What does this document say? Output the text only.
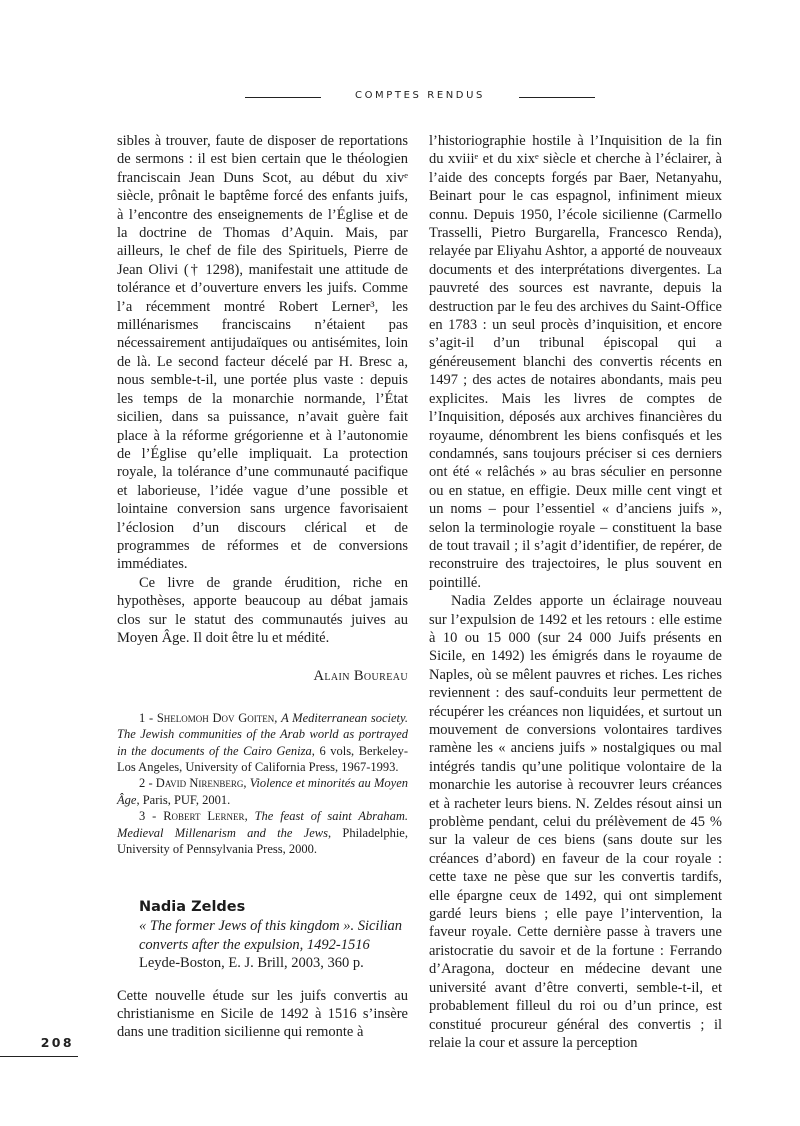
COMPTES RENDUS

sibles à trouver, faute de disposer de reportations de sermons : il est bien certain que le théologien franciscain Jean Duns Scot, au début du xivᵉ siècle, prônait le baptême forcé des enfants juifs, à l’encontre des enseignements de l’Église et de la doctrine de Thomas d’Aquin. Mais, par ailleurs, le chef de file des Spirituels, Pierre de Jean Olivi († 1298), manifestait une attitude de tolérance et d’ouverture envers les juifs. Comme l’a récemment montré Robert Lerner³, les millénarismes franciscains n’étaient pas nécessairement antijudaïques ou antisémites, loin de là. Le second facteur décelé par H. Bresc a, nous semble-t-il, une portée plus vaste : depuis les temps de la monarchie normande, l’État sicilien, dans sa puissance, n’avait guère fait place à la réforme grégorienne et à l’autonomie de l’Église qu’elle impliquait. La protection royale, la tolérance d’une communauté pacifique et laborieuse, l’idée vague d’une possible et lointaine conversion sans urgence favorisaient l’éclosion d’un discours clérical et de programmes de réformes et de conversions immédiates.

Ce livre de grande érudition, riche en hypothèses, apporte beaucoup au débat jamais clos sur le statut des communautés juives au Moyen Âge. Il doit être lu et médité.

Alain Boureau

1 - Shelomoh Dov Goiten, A Mediterranean society. The Jewish communities of the Arab world as portrayed in the documents of the Cairo Geniza, 6 vols, Berkeley-Los Angeles, University of California Press, 1967-1993.

2 - David Nirenberg, Violence et minorités au Moyen Âge, Paris, PUF, 2001.

3 - Robert Lerner, The feast of saint Abraham. Medieval Millenarism and the Jews, Philadelphie, University of Pennsylvania Press, 2000.

Nadia Zeldes
« The former Jews of this kingdom ». Sicilian converts after the expulsion, 1492-1516
Leyde-Boston, E. J. Brill, 2003, 360 p.

Cette nouvelle étude sur les juifs convertis au christianisme en Sicile de 1492 à 1516 s’insère dans une tradition sicilienne qui remonte à

l’historiographie hostile à l’Inquisition de la fin du xviiiᵉ et du xixᵉ siècle et cherche à l’éclairer, à l’aide des concepts forgés par Baer, Netanyahu, Beinart pour le cas espagnol, infiniment mieux connu. Depuis 1950, l’école sicilienne (Carmello Trasselli, Pietro Burgarella, Francesco Renda), relayée par Eliyahu Ashtor, a apporté de nouveaux documents et des interprétations divergentes. La pauvreté des sources est navrante, depuis la destruction par le feu des archives du Saint-Office en 1783 : un seul procès d’inquisition, et encore s’agit-il d’un tribunal épiscopal qui a généreusement blanchi des convertis récents en 1497 ; des actes de notaires abondants, mais peu explicites. Mais les livres de comptes de l’Inquisition, déposés aux archives financières du royaume, dénombrent les biens confisqués et les condamnés, sans toujours préciser si ces derniers ont été « relâchés » au bras séculier en personne ou en statue, en effigie. Deux mille cent vingt et un noms – pour l’essentiel « d’anciens juifs », selon la terminologie royale – constituent la base de tout travail ; il s’agit d’identifier, de repérer, de reconstruire des trajectoires, le plus souvent en pointillé.

Nadia Zeldes apporte un éclairage nouveau sur l’expulsion de 1492 et les retours : elle estime à 10 ou 15 000 (sur 24 000 Juifs présents en Sicile, en 1492) les émigrés dans le royaume de Naples, où se mêlent pauvres et riches. Les riches reviennent : des sauf-conduits leur permettent de récupérer les créances non liquidées, et surtout un mouvement de conversions volontaires tardives ramène les « anciens juifs » nostalgiques ou mal intégrés tandis qu’une politique volontaire de la monarchie les autorise à recouvrer leurs créances et à racheter leurs biens. N. Zeldes résout ainsi un problème pendant, celui du prélèvement de 45 % sur la valeur de ces biens (sans doute sur les créances d’abord) en faveur de la cour royale : cette taxe ne pèse que sur les convertis tardifs, elle épargne ceux de 1492, qui ont simplement gardé leurs biens ; elle paye l’intervention, la faveur royale. Cette dernière passe à travers une aristocratie du savoir et de la fortune : Ferrando d’Aragona, docteur en médecine devant une université avant d’être converti, semble-t-il, et probablement filleul du roi ou d’un prince, est constitué procureur général des convertis ; il relaie la cour et assure la perception

208
